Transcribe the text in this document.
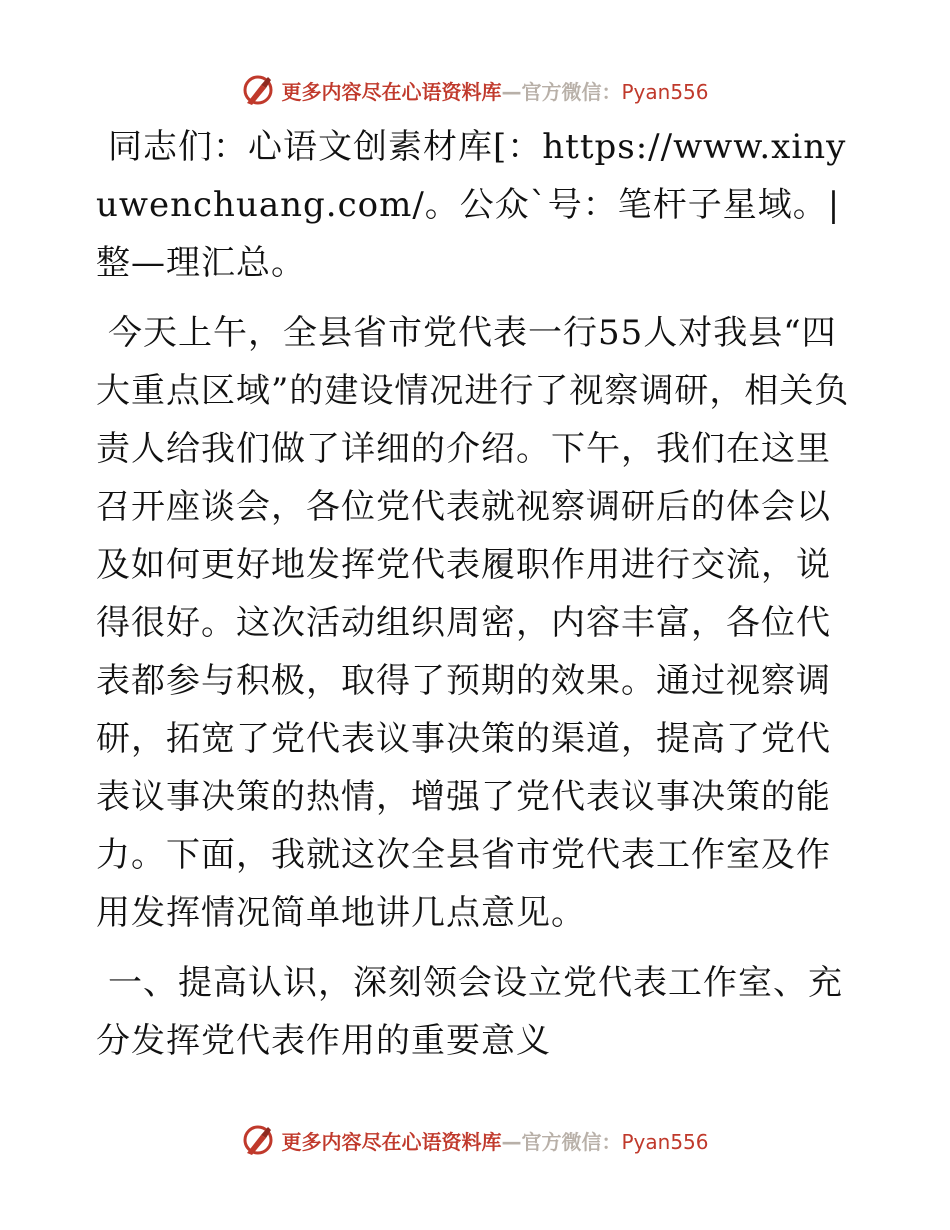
更多内容尽在心语资料库—官方微信：Pyan556

同志们：心语文创素材库[：https://www.xinyuwenchuang.com/。公众`号：笔杆子星域。|整—理汇总。

今天上午，全县省市党代表一行55人对我县“四大重点区域”的建设情况进行了视察调研，相关负责人给我们做了详细的介绍。下午，我们在这里召开座谈会，各位党代表就视察调研后的体会以及如何更好地发挥党代表履职作用进行交流，说得很好。这次活动组织周密，内容丰富，各位代表都参与积极，取得了预期的效果。通过视察调研，拓宽了党代表议事决策的渠道，提高了党代表议事决策的热情，增强了党代表议事决策的能力。下面，我就这次全县省市党代表工作室及作用发挥情况简单地讲几点意见。

一、提高认识，深刻领会设立党代表工作室、充分发挥党代表作用的重要意义

更多内容尽在心语资料库—官方微信：Pyan556
